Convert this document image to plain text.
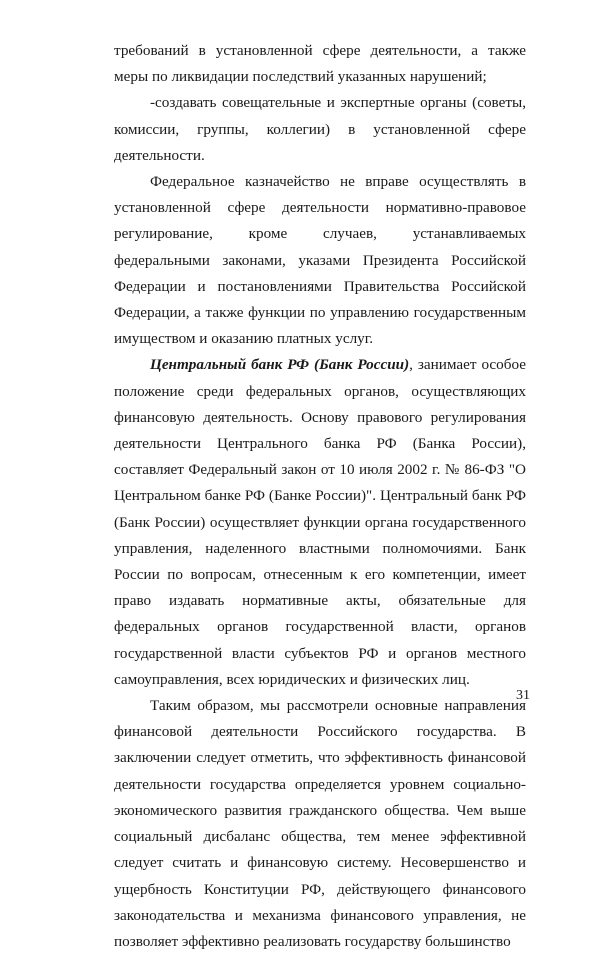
требований в установленной сфере деятельности, а также меры по ликвидации последствий указанных нарушений;

-создавать совещательные и экспертные органы (советы, комиссии, группы, коллегии) в установленной сфере деятельности.

Федеральное казначейство не вправе осуществлять в установленной сфере деятельности нормативно-правовое регулирование, кроме случаев, устанавливаемых федеральными законами, указами Президента Российской Федерации и постановлениями Правительства Российской Федерации, а также функции по управлению государственным имуществом и оказанию платных услуг.

Центральный банк РФ (Банк России), занимает особое положение среди федеральных органов, осуществляющих финансовую деятельность. Основу правового регулирования деятельности Центрального банка РФ (Банка России), составляет Федеральный закон от 10 июля 2002 г. № 86-ФЗ "О Центральном банке РФ (Банке России)". Центральный банк РФ (Банк России) осуществляет функции органа государственного управления, наделенного властными полномочиями. Банк России по вопросам, отнесенным к его компетенции, имеет право издавать нормативные акты, обязательные для федеральных органов государственной власти, органов государственной власти субъектов РФ и органов местного самоуправления, всех юридических и физических лиц.

Таким образом, мы рассмотрели основные направления финансовой деятельности Российского государства. В заключении следует отметить, что эффективность финансовой деятельности государства определяется уровнем социально-экономического развития гражданского общества. Чем выше социальный дисбаланс общества, тем менее эффективной следует считать и финансовую систему. Несовершенство и ущербность Конституции РФ, действующего финансового законодательства и механизма финансового управления, не позволяет эффективно реализовать государству большинство

31
